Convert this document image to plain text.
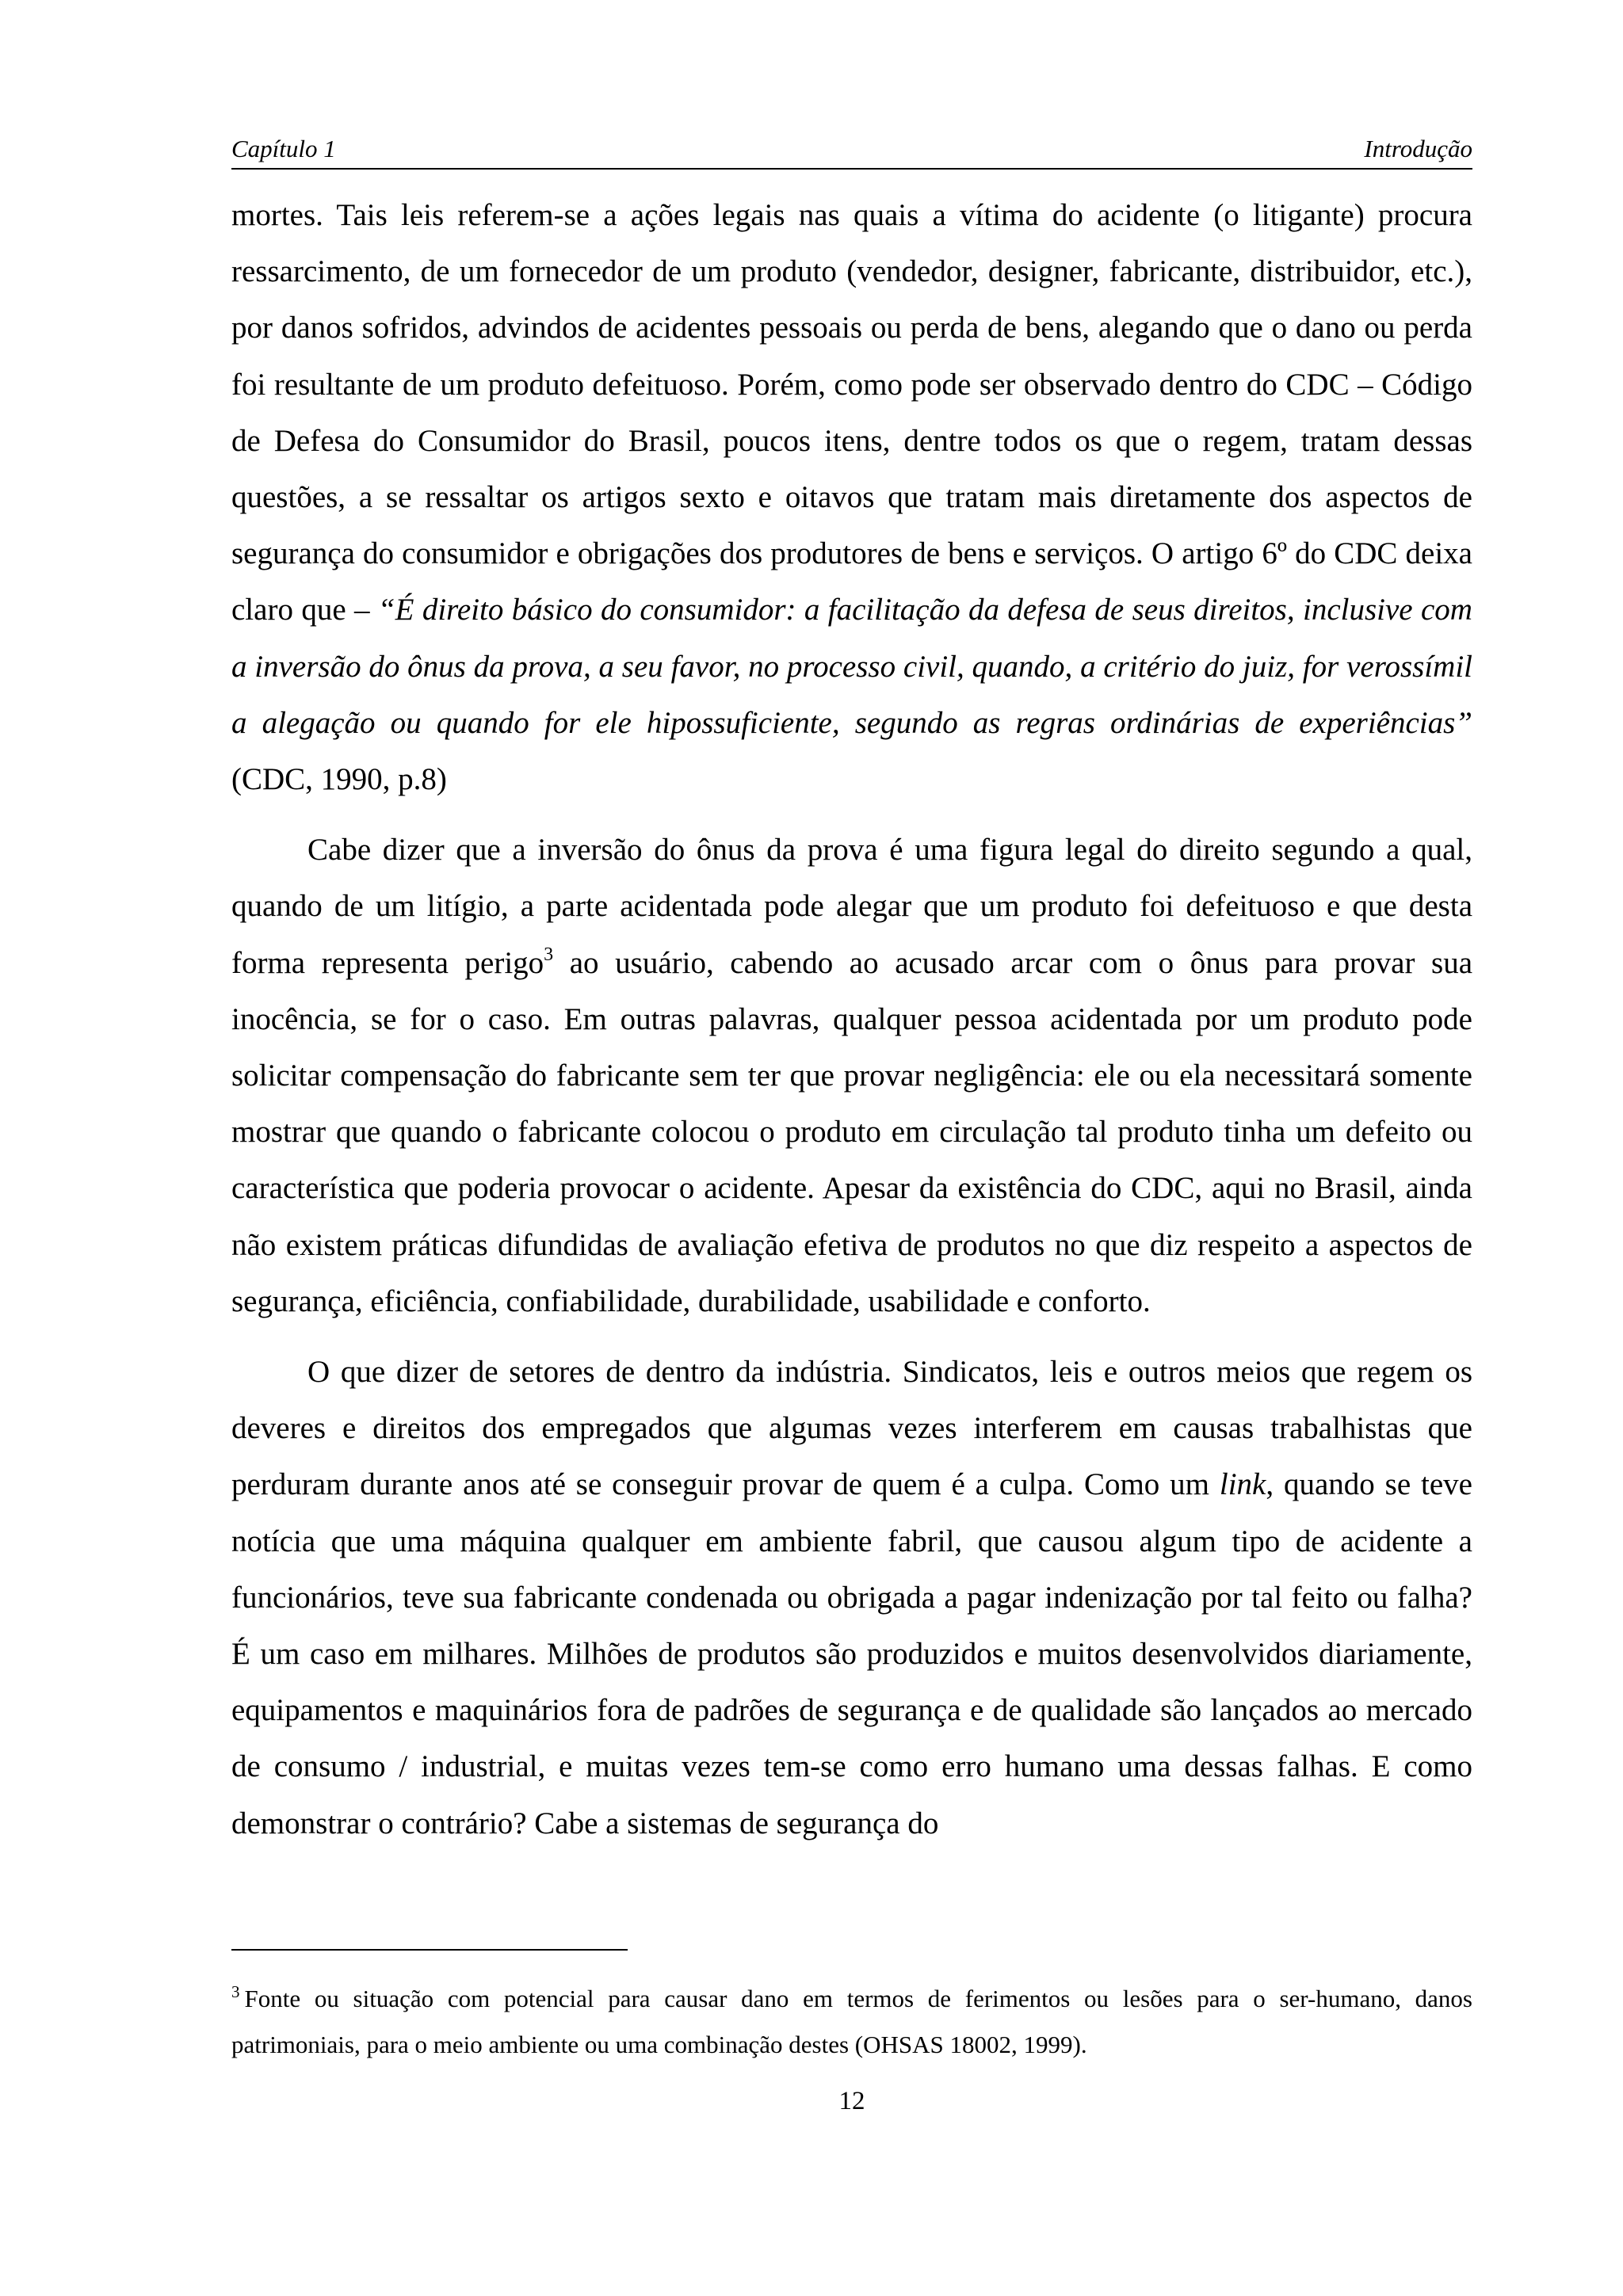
Capítulo 1	Introdução

mortes. Tais leis referem-se a ações legais nas quais a vítima do acidente (o litigante) procura ressarcimento, de um fornecedor de um produto (vendedor, designer, fabricante, distribuidor, etc.), por danos sofridos, advindos de acidentes pessoais ou perda de bens, alegando que o dano ou perda foi resultante de um produto defeituoso. Porém, como pode ser observado dentro do CDC – Código de Defesa do Consumidor do Brasil, poucos itens, dentre todos os que o regem, tratam dessas questões, a se ressaltar os artigos sexto e oitavos que tratam mais diretamente dos aspectos de segurança do consumidor e obrigações dos produtores de bens e serviços. O artigo 6º do CDC deixa claro que – “É direito básico do consumidor: a facilitação da defesa de seus direitos, inclusive com a inversão do ônus da prova, a seu favor, no processo civil, quando, a critério do juiz, for verossímil a alegação ou quando for ele hipossuficiente, segundo as regras ordinárias de experiências” (CDC, 1990, p.8)

Cabe dizer que a inversão do ônus da prova é uma figura legal do direito segundo a qual, quando de um litígio, a parte acidentada pode alegar que um produto foi defeituoso e que desta forma representa perigo$^3$ ao usuário, cabendo ao acusado arcar com o ônus para provar sua inocência, se for o caso. Em outras palavras, qualquer pessoa acidentada por um produto pode solicitar compensação do fabricante sem ter que provar negligência: ele ou ela necessitará somente mostrar que quando o fabricante colocou o produto em circulação tal produto tinha um defeito ou característica que poderia provocar o acidente. Apesar da existência do CDC, aqui no Brasil, ainda não existem práticas difundidas de avaliação efetiva de produtos no que diz respeito a aspectos de segurança, eficiência, confiabilidade, durabilidade, usabilidade e conforto.

O que dizer de setores de dentro da indústria. Sindicatos, leis e outros meios que regem os deveres e direitos dos empregados que algumas vezes interferem em causas trabalhistas que perduram durante anos até se conseguir provar de quem é a culpa. Como um link, quando se teve notícia que uma máquina qualquer em ambiente fabril, que causou algum tipo de acidente a funcionários, teve sua fabricante condenada ou obrigada a pagar indenização por tal feito ou falha? É um caso em milhares. Milhões de produtos são produzidos e muitos desenvolvidos diariamente, equipamentos e maquinários fora de padrões de segurança e de qualidade são lançados ao mercado de consumo / industrial, e muitas vezes tem-se como erro humano uma dessas falhas. E como demonstrar o contrário? Cabe a sistemas de segurança do

$^3$ Fonte ou situação com potencial para causar dano em termos de ferimentos ou lesões para o ser-humano, danos patrimoniais, para o meio ambiente ou uma combinação destes (OHSAS 18002, 1999).
12
